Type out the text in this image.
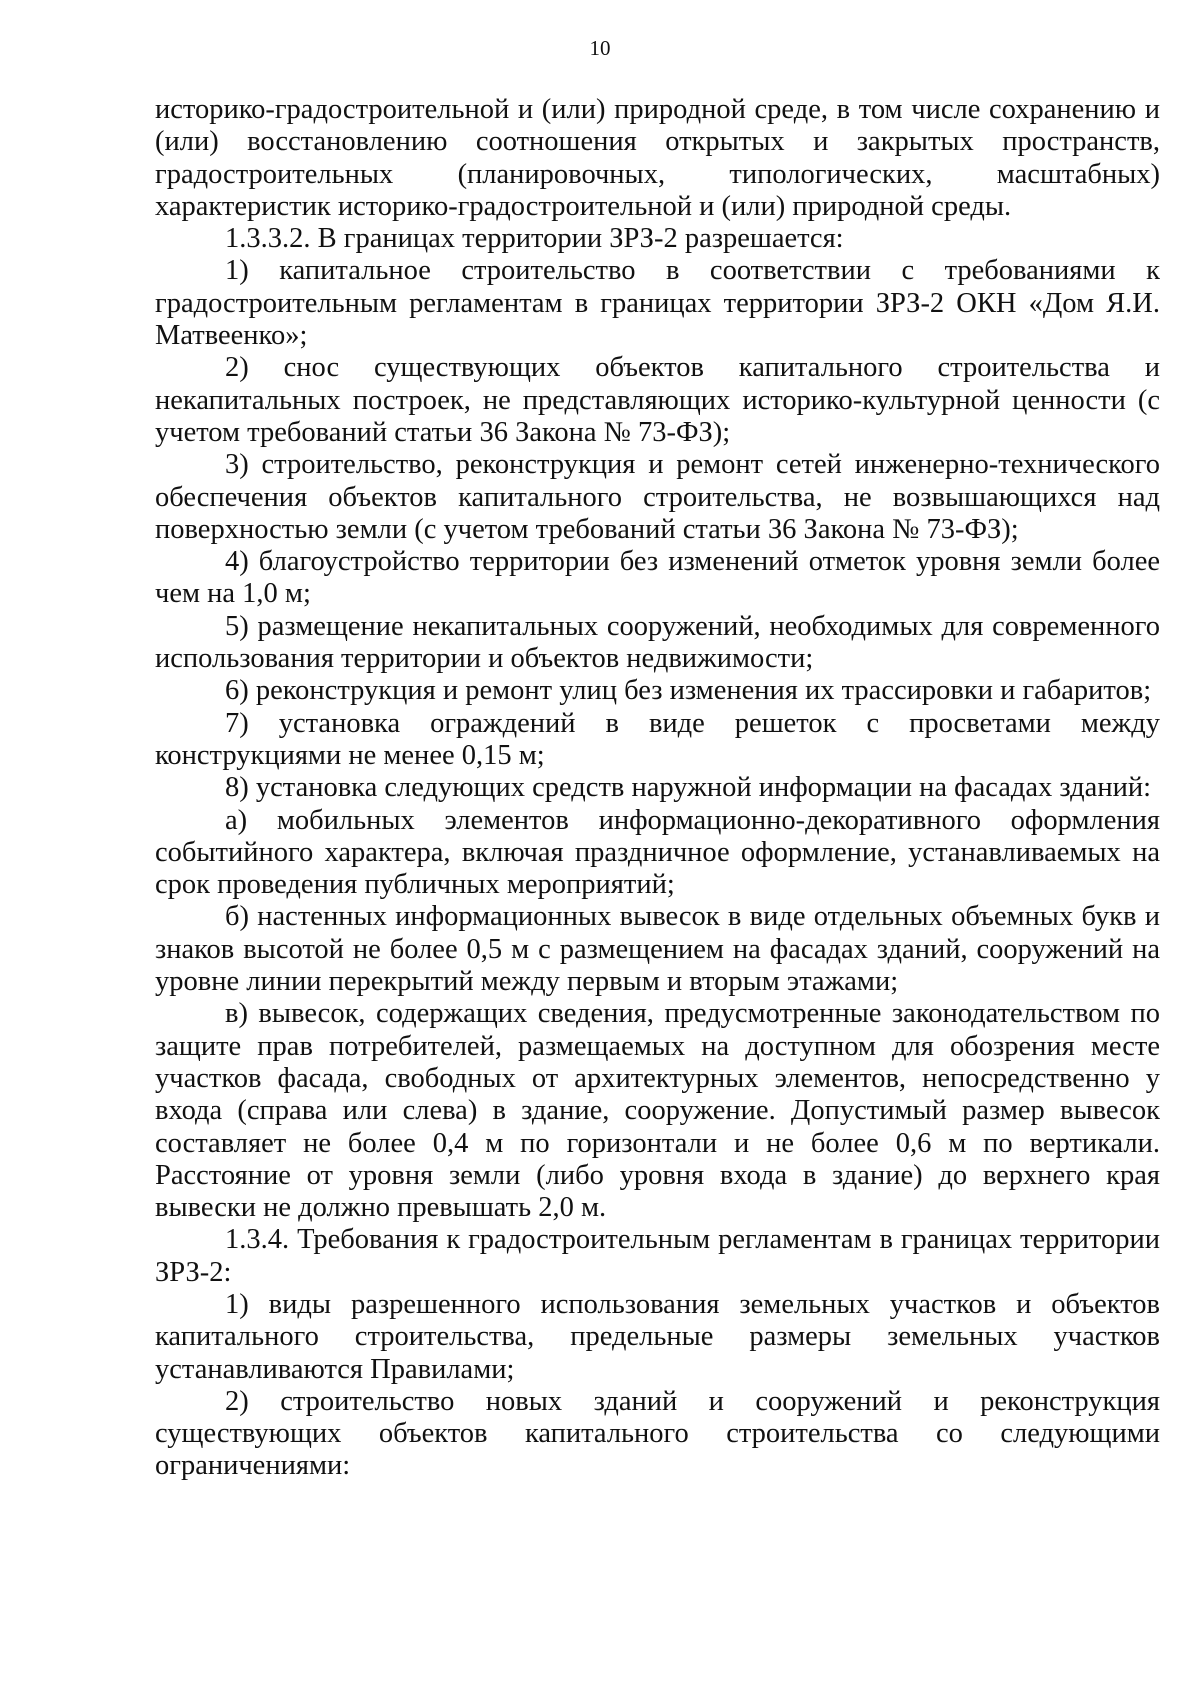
10

историко-градостроительной и (или) природной среде, в том числе сохранению и (или) восстановлению соотношения открытых и закрытых пространств, градостроительных (планировочных, типологических, масштабных) характеристик историко-градостроительной и (или) природной среды.

1.3.3.2. В границах территории ЗРЗ-2 разрешается:

1) капитальное строительство в соответствии с требованиями к градостроительным регламентам в границах территории ЗРЗ-2 ОКН «Дом Я.И. Матвеенко»;

2) снос существующих объектов капитального строительства и некапитальных построек, не представляющих историко-культурной ценности (с учетом требований статьи 36 Закона № 73-ФЗ);

3) строительство, реконструкция и ремонт сетей инженерно-технического обеспечения объектов капитального строительства, не возвышающихся над поверхностью земли (с учетом требований статьи 36 Закона № 73-ФЗ);

4) благоустройство территории без изменений отметок уровня земли более чем на 1,0 м;

5) размещение некапитальных сооружений, необходимых для современного использования территории и объектов недвижимости;

6) реконструкция и ремонт улиц без изменения их трассировки и габаритов;

7) установка ограждений в виде решеток с просветами между конструкциями не менее 0,15 м;

8) установка следующих средств наружной информации на фасадах зданий:

а) мобильных элементов информационно-декоративного оформления событийного характера, включая праздничное оформление, устанавливаемых на срок проведения публичных мероприятий;

б) настенных информационных вывесок в виде отдельных объемных букв и знаков высотой не более 0,5 м с размещением на фасадах зданий, сооружений на уровне линии перекрытий между первым и вторым этажами;

в) вывесок, содержащих сведения, предусмотренные законодательством по защите прав потребителей, размещаемых на доступном для обозрения месте участков фасада, свободных от архитектурных элементов, непосредственно у входа (справа или слева) в здание, сооружение. Допустимый размер вывесок составляет не более 0,4 м по горизонтали и не более 0,6 м по вертикали. Расстояние от уровня земли (либо уровня входа в здание) до верхнего края вывески не должно превышать 2,0 м.

1.3.4. Требования к градостроительным регламентам в границах территории ЗРЗ-2:

1) виды разрешенного использования земельных участков и объектов капитального строительства, предельные размеры земельных участков устанавливаются Правилами;

2) строительство новых зданий и сооружений и реконструкция существующих объектов капитального строительства со следующими ограничениями:
